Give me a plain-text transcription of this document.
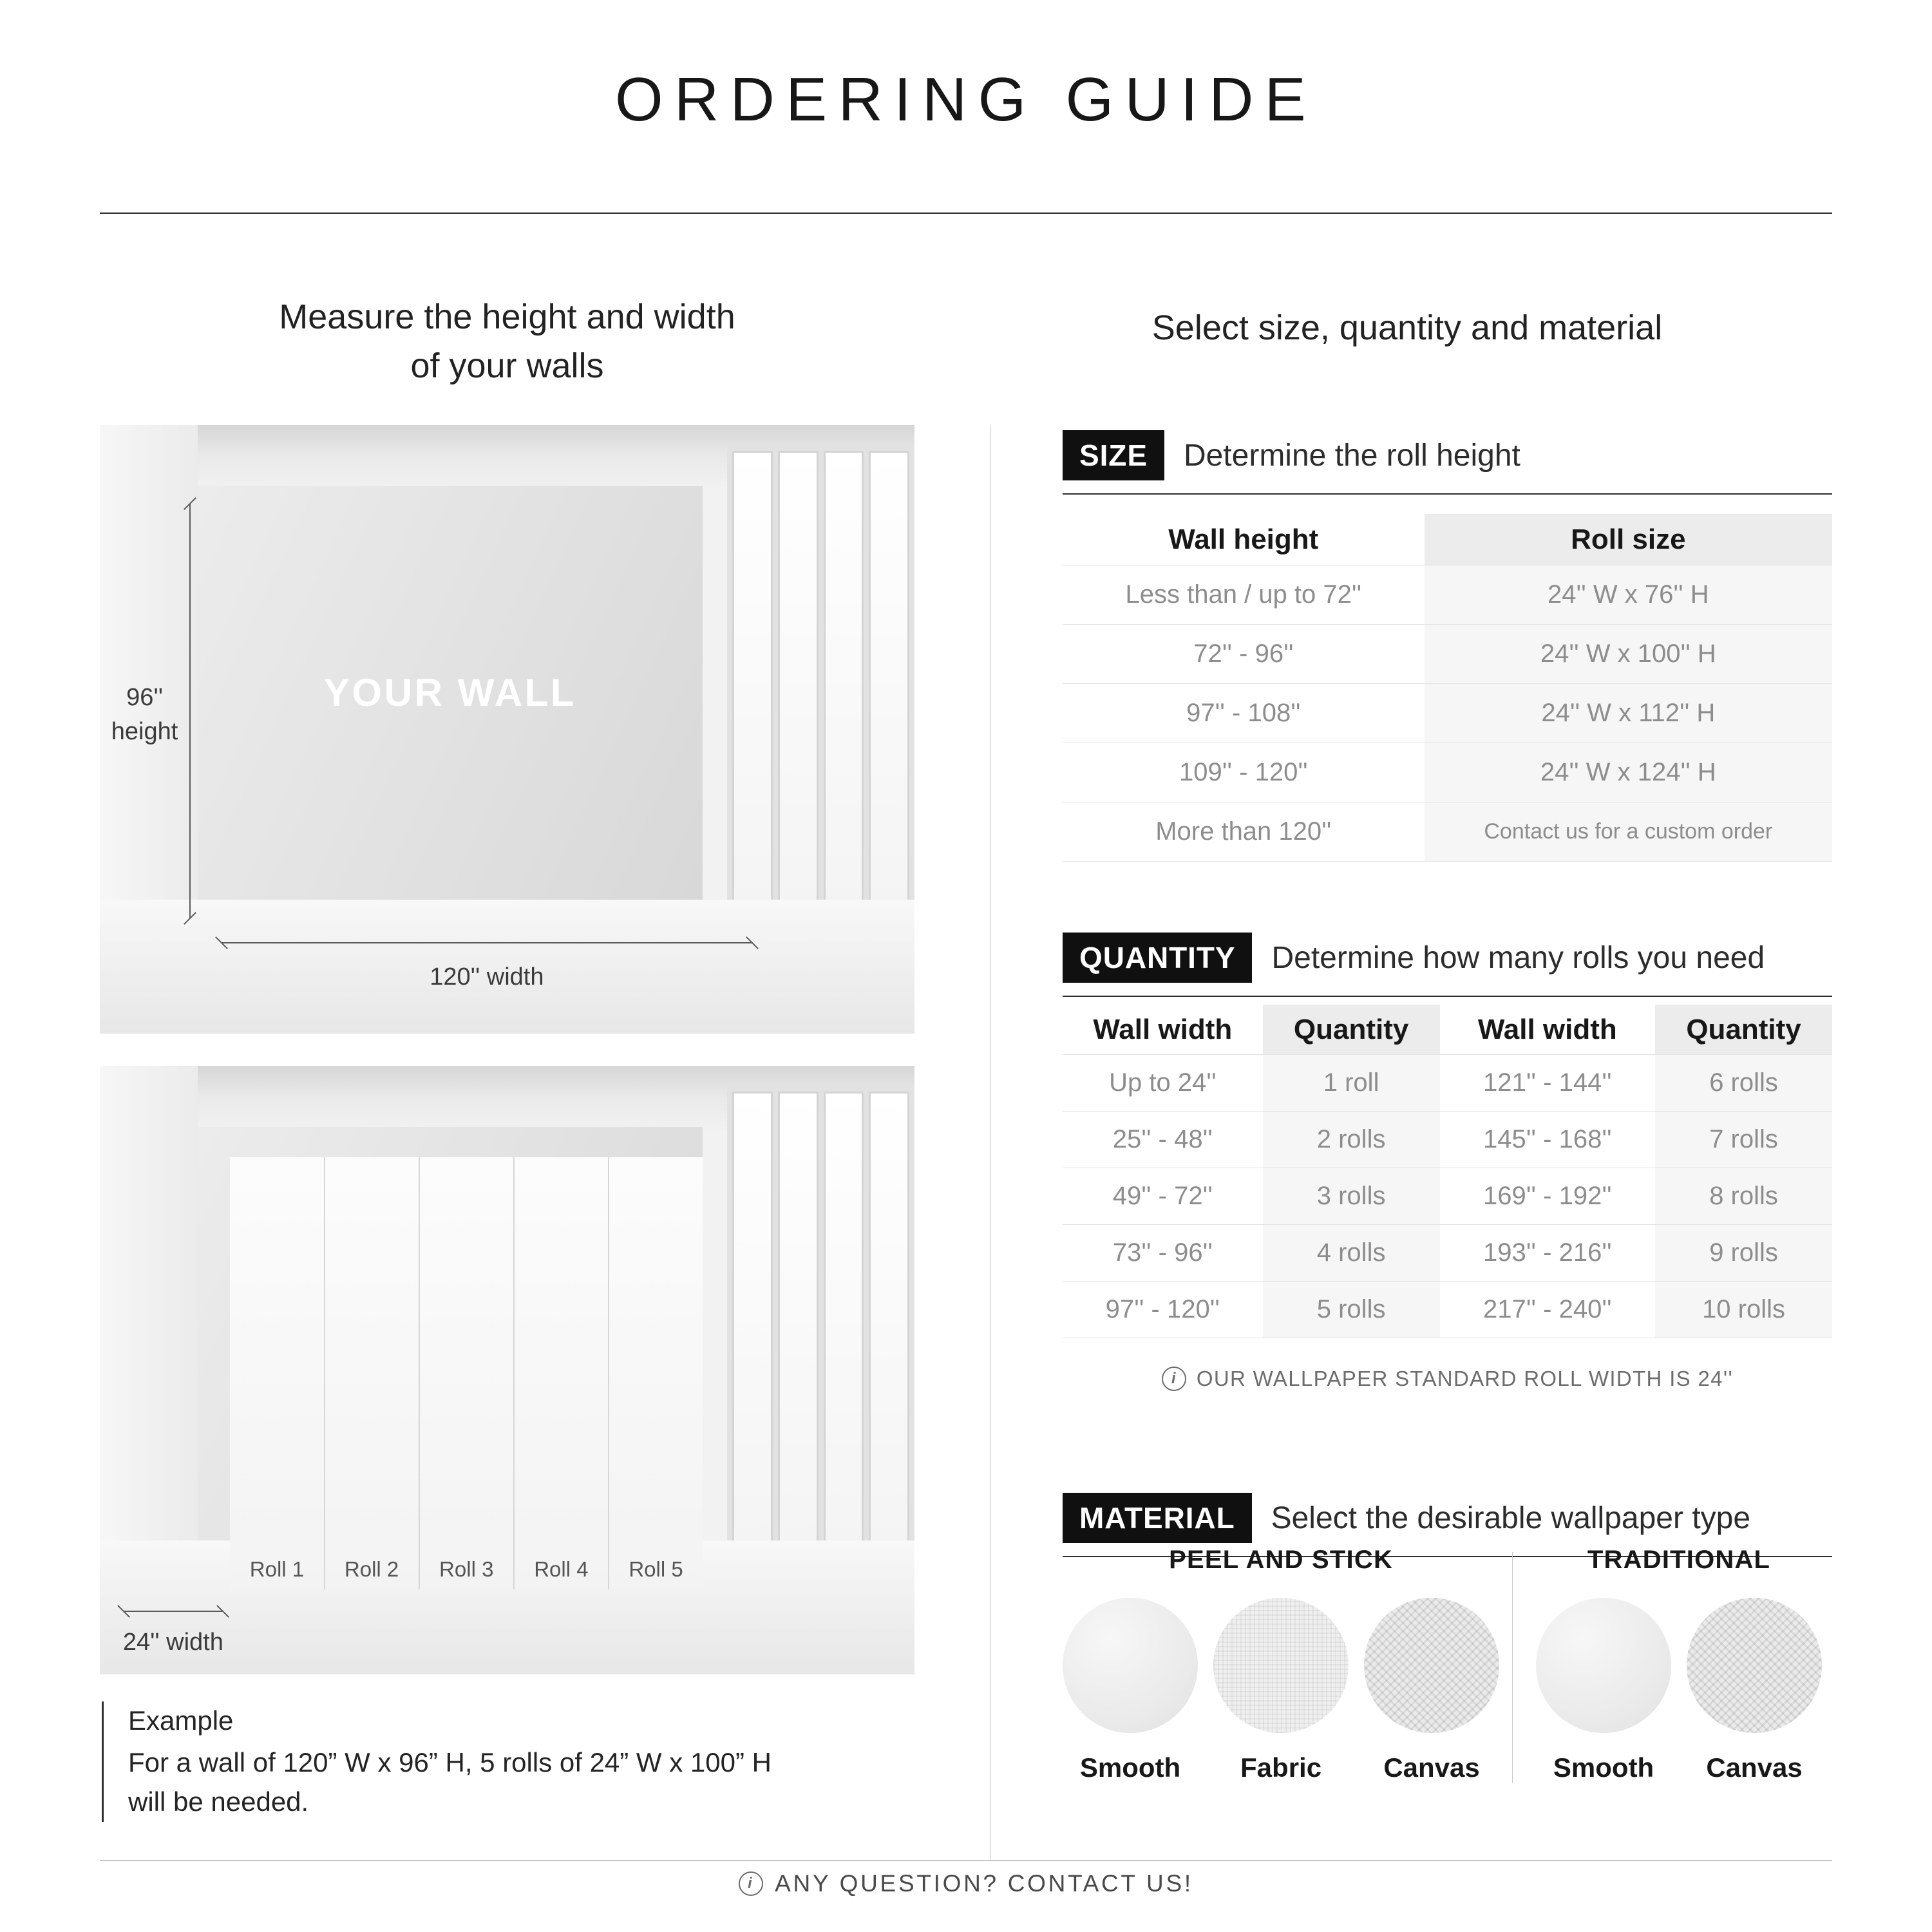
ORDERING GUIDE
Measure the height and width
of your walls
Select size, quantity and material
YOUR WALL
96''
height
120'' width
Roll 1	Roll 2	Roll 3	Roll 4	Roll 5
24'' width
Example
For a wall of 120” W x 96” H, 5 rolls of 24” W x 100” H
will be needed.
SIZE	Determine the roll height
Wall height	Roll size
Less than / up to 72''	24'' W x 76'' H
72'' - 96''	24'' W x 100'' H
97'' - 108''	24'' W x 112'' H
109'' - 120''	24'' W x 124'' H
More than 120''	Contact us for a custom order
QUANTITY	Determine how many rolls you need
Wall width	Quantity	Wall width	Quantity
Up to 24''	1 roll	121'' - 144''	6 rolls
25'' - 48''	2 rolls	145'' - 168''	7 rolls
49'' - 72''	3 rolls	169'' - 192''	8 rolls
73'' - 96''	4 rolls	193'' - 216''	9 rolls
97'' - 120''	5 rolls	217'' - 240''	10 rolls
i OUR WALLPAPER STANDARD ROLL WIDTH IS 24''
MATERIAL	Select the desirable wallpaper type
PEEL AND STICK
Smooth Fabric Canvas
TRADITIONAL
Smooth Canvas
i ANY QUESTION? CONTACT US!
